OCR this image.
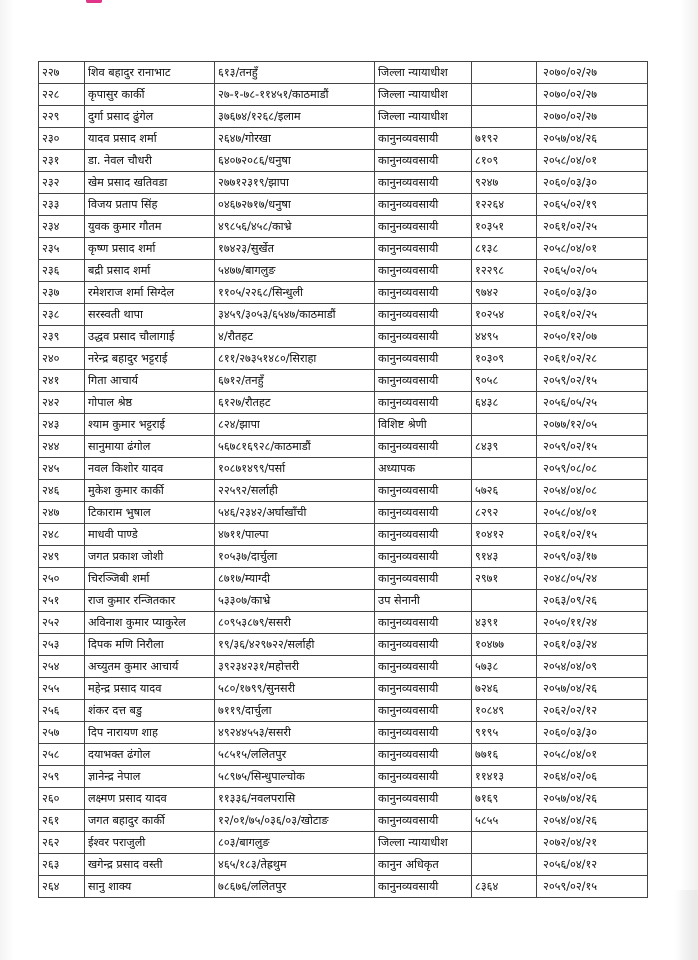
२२७	शिव बहादुर रानाभाट	६१३/तनहुँ	जिल्ला न्यायाधीश		२०७०/०२/२७
२२८	कृपासुर कार्की	२७-१-७८-११४५१/काठमाडौं	जिल्ला न्यायाधीश		२०७०/०२/२७
२२९	दुर्गा प्रसाद ढुंगेल	३७६७४/१२६८/इलाम	जिल्ला न्यायाधीश		२०७०/०२/२७
२३०	यादव प्रसाद शर्मा	२६४७/गोरखा	कानुनव्यवसायी	७१९२	२०५७/०४/२६
२३१	डा. नेवल चौधरी	६४०७२०८६/धनुषा	कानुनव्यवसायी	८१०९	२०५८/०४/०१
२३२	खेम प्रसाद खतिवडा	२७७१२३१९/झापा	कानुनव्यवसायी	९२४७	२०६०/०३/३०
२३३	विजय प्रताप सिंह	०४६७२७१७/धनुषा	कानुनव्यवसायी	१२२६४	२०६५/०२/१९
२३४	युवक कुमार गौतम	४९८५६/४५८/काभ्रे	कानुनव्यवसायी	१०३५१	२०६१/०२/२५
२३५	कृष्ण प्रसाद शर्मा	१७४२३/सुर्खेत	कानुनव्यवसायी	८१३८	२०५८/०४/०१
२३६	बद्री प्रसाद शर्मा	५४७७/बागलुङ	कानुनव्यवसायी	१२२९८	२०६५/०२/०५
२३७	रमेशराज शर्मा सिग्देल	११०५/२२६८/सिन्धुली	कानुनव्यवसायी	९७४२	२०६०/०३/३०
२३८	सरस्वती थापा	३४५९/३०५३/६५४७/काठमाडौं	कानुनव्यवसायी	१०२५४	२०६१/०२/२५
२३९	उद्धव प्रसाद चौलागाई	४/रौतहट	कानुनव्यवसायी	४४९५	२०५०/१२/०७
२४०	नरेन्द्र बहादुर भट्टराई	८११/२७३५१४८०/सिराहा	कानुनव्यवसायी	१०३०९	२०६१/०२/२८
२४१	गिता आचार्य	६७१२/तनहुँ	कानुनव्यवसायी	९०५८	२०५९/०२/१५
२४२	गोपाल श्रेष्ठ	६१२७/रौतहट	कानुनव्यवसायी	६४३८	२०५६/०५/२५
२४३	श्याम कुमार भट्टराई	८२४/झापा	विशिष्ट श्रेणी		२०७७/१२/०५
२४४	सानुमाया ढंगोल	५६७८१६९२८/काठमाडौं	कानुनव्यवसायी	८४३९	२०५९/०२/१५
२४५	नवल किशोर यादव	१०८७१४९९/पर्सा	अध्यापक		२०५९/०८/०८
२४६	मुकेश कुमार कार्की	२२५९२/सर्लाही	कानुनव्यवसायी	५७२६	२०५४/०४/०८
२४७	टिकाराम भुषाल	५४६/२३४२/अर्घाखाँची	कानुनव्यवसायी	८२९२	२०५८/०४/०१
२४८	माधवी पाण्डे	४७११/पाल्पा	कानुनव्यवसायी	१०४१२	२०६१/०२/१५
२४९	जगत प्रकाश जोशी	१०५३७/दार्चुला	कानुनव्यवसायी	९१४३	२०५९/०३/१७
२५०	चिरञ्जिबी शर्मा	८७१७/म्याग्दी	कानुनव्यवसायी	२९७१	२०४८/०५/२४
२५१	राज कुमार रन्जितकार	५३३०७/काभ्रे	उप सेनानी		२०६३/०९/२६
२५२	अविनाश कुमार प्याकुरेल	८०९५३८७९/ससरी	कानुनव्यवसायी	४३९१	२०५०/११/२४
२५३	दिपक मणि निरौला	१९/३६/४२९७२२/सर्लाही	कानुनव्यवसायी	१०४७७	२०६१/०३/२४
२५४	अच्युतम कुमार आचार्य	३९२३४२३१/महोत्तरी	कानुनव्यवसायी	५७३८	२०५४/०४/०९
२५५	महेन्द्र प्रसाद यादव	५८०/१७९९/सुनसरी	कानुनव्यवसायी	७२४६	२०५७/०४/२६
२५६	शंकर दत्त बडु	७११९/दार्चुला	कानुनव्यवसायी	१०८४९	२०६२/०२/१२
२५७	दिप नारायण शाह	४९२४४५५३/ससरी	कानुनव्यवसायी	९१९५	२०६०/०३/३०
२५८	दयाभक्त ढंगोल	५८५१५/ललितपुर	कानुनव्यवसायी	७७१६	२०५८/०४/०१
२५९	ज्ञानेन्द्र नेपाल	५८९७५/सिन्धुपाल्चोक	कानुनव्यवसायी	११४१३	२०६४/०२/०६
२६०	लक्ष्मण प्रसाद यादव	११३३६/नवलपरासि	कानुनव्यवसायी	७१६९	२०५७/०४/२६
२६१	जगत बहादुर कार्की	१२/०१/७५/०३६/०३/खोटाङ	कानुनव्यवसायी	५८५५	२०५४/०४/२६
२६२	ईश्वर पराजुली	८०३/बागलुङ	जिल्ला न्यायाधीश		२०७२/०४/२१
२६३	खगेन्द्र प्रसाद वस्ती	४६५/१८३/तेह्रथुम	कानुन अधिकृत		२०५६/०४/१२
२६४	सानु शाक्य	७८६७६/ललितपुर	कानुनव्यवसायी	८३६४	२०५९/०२/१५
